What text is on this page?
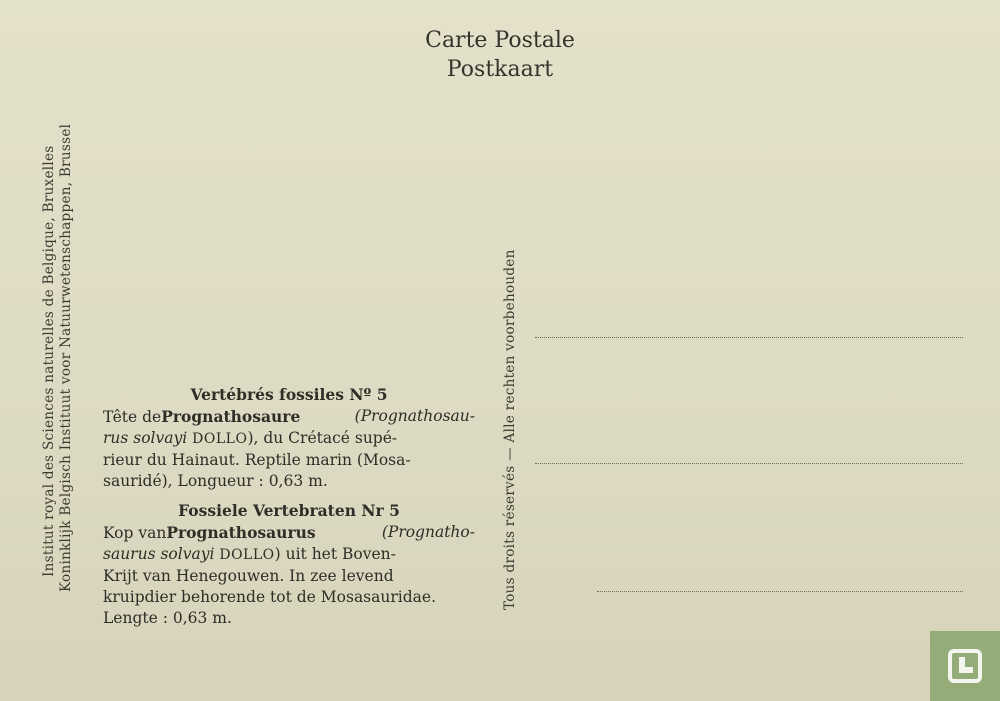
Carte Postale
Postkaart
Institut royal des Sciences naturelles de Belgique, Bruxelles Koninklijk Belgisch Instituut voor Natuurwetenschappen, Brussel	Tous droits réservés — Alle rechten voorbehouden
Vertébrés fossiles Nº 5
Tête dePrognathosaure	(Prognathosau-
rus solvayi DOLLO), du Crétacé supé-
rieur du Hainaut. Reptile marin (Mosa-
sauridé), Longueur : 0,63 m.
Fossiele Vertebraten Nr 5
Kop vanPrognathosaurus	(Prognatho-
saurus solvayi DOLLO) uit het Boven-
Krijt van Henegouwen. In zee levend
kruipdier behorende tot de Mosasauridae.
Lengte : 0,63 m.
